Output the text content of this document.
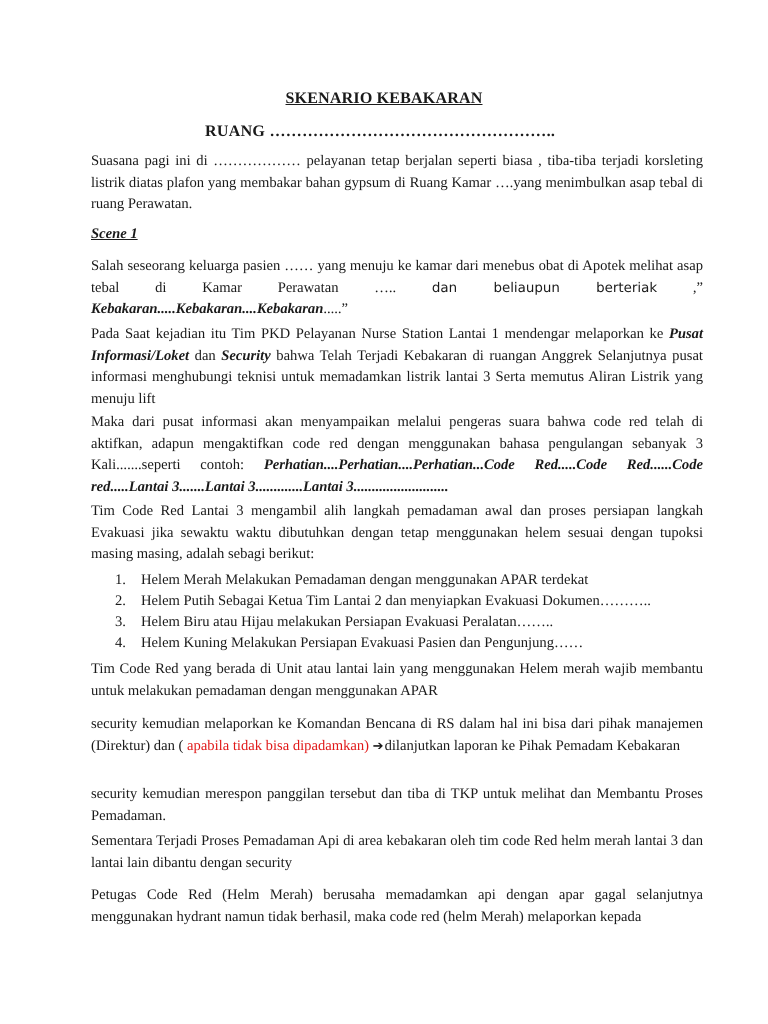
SKENARIO KEBAKARAN
RUANG ……………………………………………..

Suasana pagi ini di ……………… pelayanan tetap berjalan seperti biasa , tiba-tiba terjadi korsleting listrik diatas plafon yang membakar bahan gypsum di Ruang Kamar ….yang menimbulkan asap tebal di ruang Perawatan.

Scene 1

Salah seseorang keluarga pasien …… yang menuju ke kamar dari menebus obat di Apotek melihat asap tebal di Kamar Perawatan ….. dan beliaupun berteriak ,” Kebakaran.....Kebakaran....Kebakaran.....”

Pada Saat kejadian itu Tim PKD Pelayanan Nurse Station Lantai 1 mendengar melaporkan ke Pusat Informasi/Loket dan Security bahwa Telah Terjadi Kebakaran di ruangan Anggrek Selanjutnya pusat informasi menghubungi teknisi untuk memadamkan listrik lantai 3 Serta memutus Aliran Listrik yang menuju lift

Maka dari pusat informasi akan menyampaikan melalui pengeras suara bahwa code red telah di aktifkan, adapun mengaktifkan code red dengan menggunakan bahasa pengulangan sebanyak 3 Kali.......seperti contoh: Perhatian....Perhatian....Perhatian...Code Red.....Code Red......Code red.....Lantai 3.......Lantai 3.............Lantai 3..........................

Tim Code Red Lantai 3 mengambil alih langkah pemadaman awal dan proses persiapan langkah Evakuasi jika sewaktu waktu dibutuhkan dengan tetap menggunakan helem sesuai dengan tupoksi masing masing, adalah sebagi berikut:

1.	Helem Merah Melakukan Pemadaman dengan menggunakan APAR terdekat
2.	Helem Putih Sebagai Ketua Tim Lantai 2 dan menyiapkan Evakuasi Dokumen………..
3.	Helem Biru atau Hijau melakukan Persiapan Evakuasi Peralatan……..
4.	Helem Kuning Melakukan Persiapan Evakuasi Pasien dan Pengunjung……

Tim Code Red yang berada di Unit atau lantai lain yang menggunakan Helem merah wajib membantu untuk melakukan pemadaman dengan menggunakan APAR

security kemudian melaporkan ke Komandan Bencana di RS dalam hal ini bisa dari pihak manajemen (Direktur) dan ( apabila tidak bisa dipadamkan) ➔dilanjutkan laporan ke Pihak Pemadam Kebakaran

security kemudian merespon panggilan tersebut dan tiba di TKP untuk melihat dan Membantu Proses Pemadaman.

Sementara Terjadi Proses Pemadaman Api di area kebakaran oleh tim code Red helm merah lantai 3 dan lantai lain dibantu dengan security

Petugas Code Red (Helm Merah) berusaha memadamkan api dengan apar gagal selanjutnya menggunakan hydrant namun tidak berhasil, maka code red (helm Merah) melaporkan kepada
